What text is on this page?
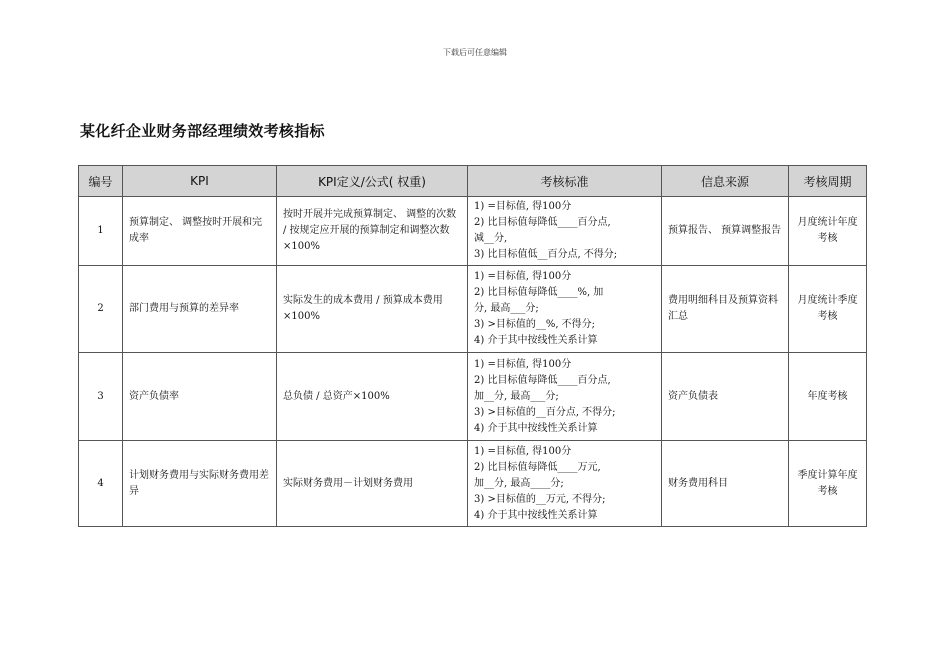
下载后可任意编辑
某化纤企业财务部经理绩效考核指标
编号	KPI	KPI定义/公式( 权重)	考核标准	信息来源	考核周期
1	预算制定、 调整按时开展和完成率	按时开展并完成预算制定、 调整的次数 / 按规定应开展的预算制定和调整次数×100%	1) =目标值, 得100分
2) 比目标值每降低____百分点,
减__分,
3) 比目标值低__百分点, 不得分;	预算报告、 预算调整报告	月度统计年度考核
2	部门费用与预算的差异率	实际发生的成本费用 / 预算成本费用×100%	1) =目标值, 得100分
2) 比目标值每降低____%, 加
分, 最高___分;
3) >目标值的__%, 不得分;
4) 介于其中按线性关系计算	费用明细科目及预算资料汇总	月度统计季度考核
3	资产负债率	总负债 / 总资产×100%	1) =目标值, 得100分
2) 比目标值每降低____百分点,
加__分, 最高___分;
3) >目标值的__百分点, 不得分;
4) 介于其中按线性关系计算	资产负债表	年度考核
4	计划财务费用与实际财务费用差异	实际财务费用－计划财务费用	1) =目标值, 得100分
2) 比目标值每降低____万元,
加__分, 最高____分;
3) >目标值的__万元, 不得分;
4) 介于其中按线性关系计算	财务费用科目	季度计算年度考核
